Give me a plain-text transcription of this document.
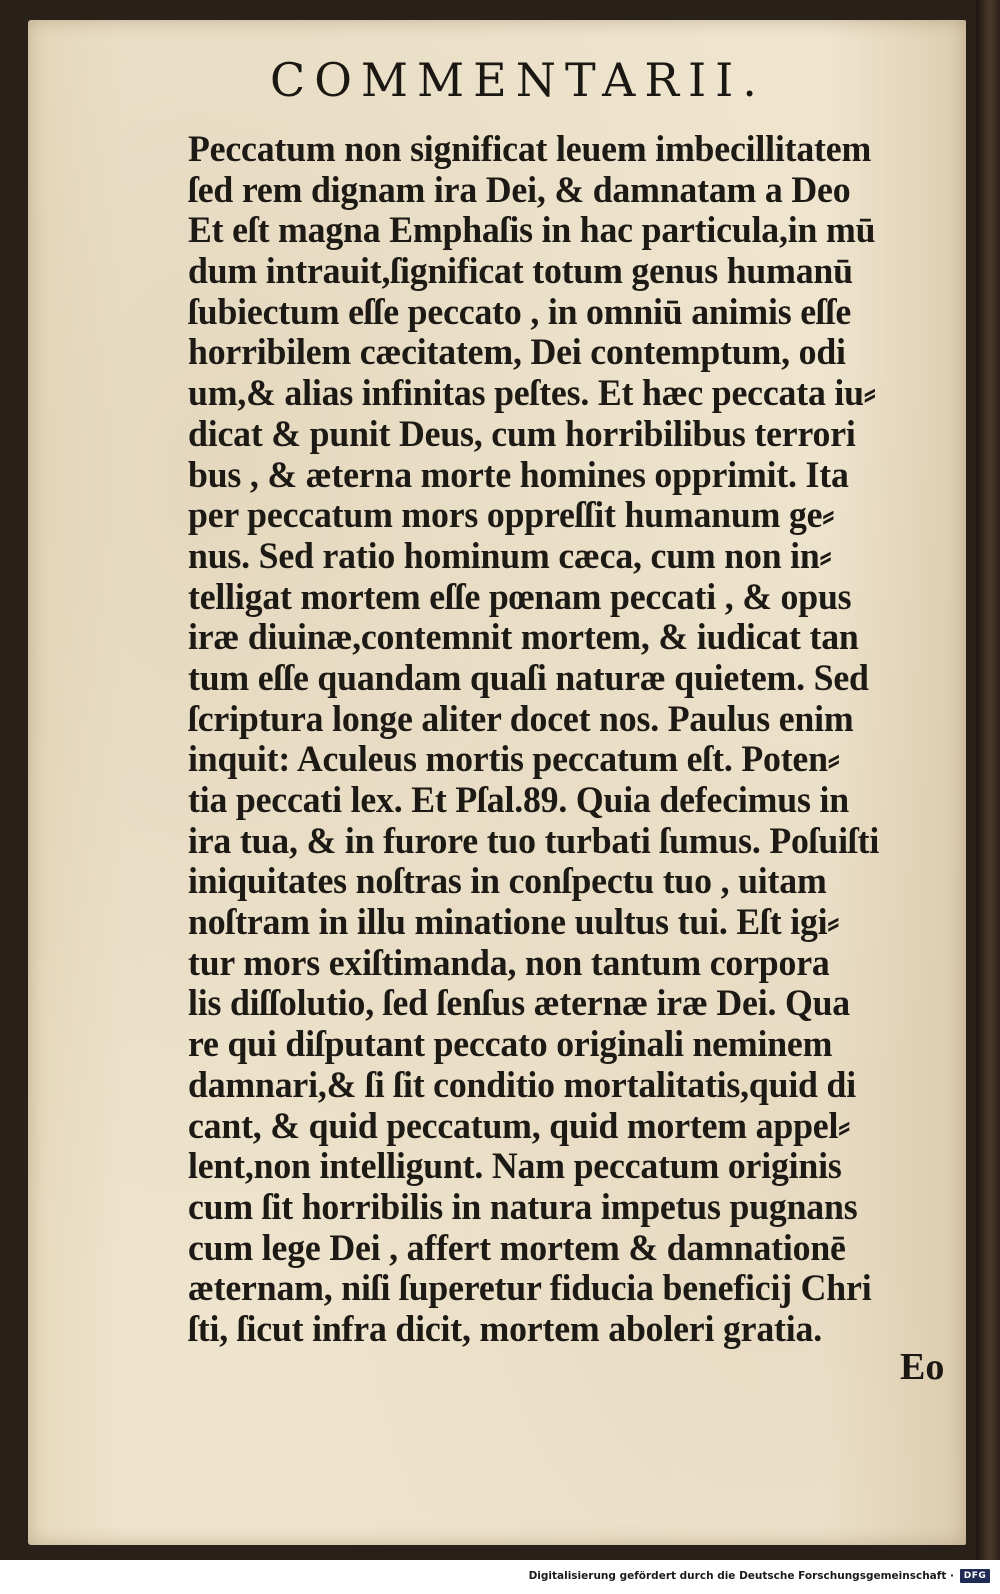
COMMENTARII.
Peccatum non significat leuem imbecillitatem
ſed rem dignam ira Dei, & damnatam a Deo
Et eſt magna Emphaſis in hac particula,in mū
dum intrauit,ſignificat totum genus humanū
ſubiectum eſſe peccato , in omniū animis eſſe
horribilem cæcitatem, Dei contemptum, odi
um,& alias infinitas peſtes. Et hæc peccata iu⸗
dicat & punit Deus, cum horribilibus terrori
bus , & æterna morte homines opprimit. Ita
per peccatum mors oppreſſit humanum ge⸗
nus. Sed ratio hominum cæca, cum non in⸗
telligat mortem eſſe pœnam peccati , & opus
iræ diuinæ,contemnit mortem, & iudicat tan
tum eſſe quandam quaſi naturæ quietem. Sed
ſcriptura longe aliter docet nos. Paulus enim
inquit: Aculeus mortis peccatum eſt. Poten⸗
tia peccati lex. Et Pſal.89. Quia defecimus in
ira tua, & in furore tuo turbati ſumus. Poſuiſti
iniquitates noſtras in conſpectu tuo , uitam
noſtram in illu minatione uultus tui. Eſt igi⸗
tur mors exiſtimanda, non tantum corpora
lis diſſolutio, ſed ſenſus æternæ iræ Dei. Qua
re qui diſputant peccato originali neminem
damnari,& ſi ſit conditio mortalitatis,quid di
cant, & quid peccatum, quid mortem appel⸗
lent,non intelligunt. Nam peccatum originis
cum ſit horribilis in natura impetus pugnans
cum lege Dei , affert mortem & damnationē
æternam, niſi ſuperetur fiducia beneficij Chri
ſti, ſicut infra dicit, mortem aboleri gratia.
Eo
Digitalisierung gefördert durch die Deutsche Forschungsgemeinschaft ·	DFG
